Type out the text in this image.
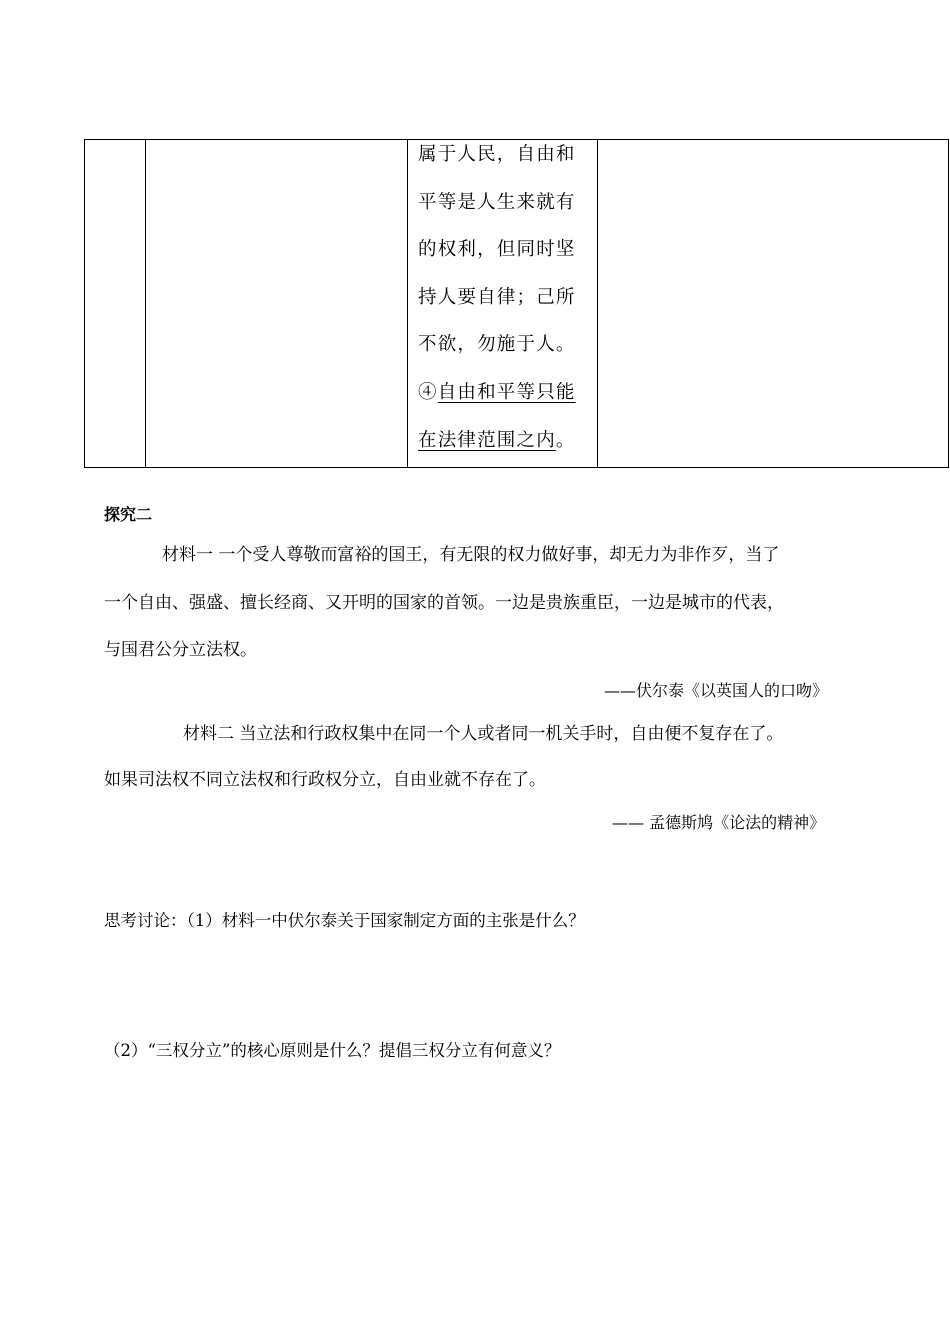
属于人民，自由和
平等是人生来就有
的权利，但同时坚
持人要自律；己所
不欲，勿施于人。
④自由和平等只能
在法律范围之内。
探究二
材料一 一个受人尊敬而富裕的国王，有无限的权力做好事，却无力为非作歹，当了
一个自由、强盛、擅长经商、又开明的国家的首领。一边是贵族重臣，一边是城市的代表，
与国君公分立法权。
——伏尔泰《以英国人的口吻》
材料二 当立法和行政权集中在同一个人或者同一机关手时，自由便不复存在了。
如果司法权不同立法权和行政权分立，自由业就不存在了。
—— 孟德斯鸠《论法的精神》
思考讨论：（1）材料一中伏尔泰关于国家制定方面的主张是什么？
（2）“三权分立”的核心原则是什么？提倡三权分立有何意义？
